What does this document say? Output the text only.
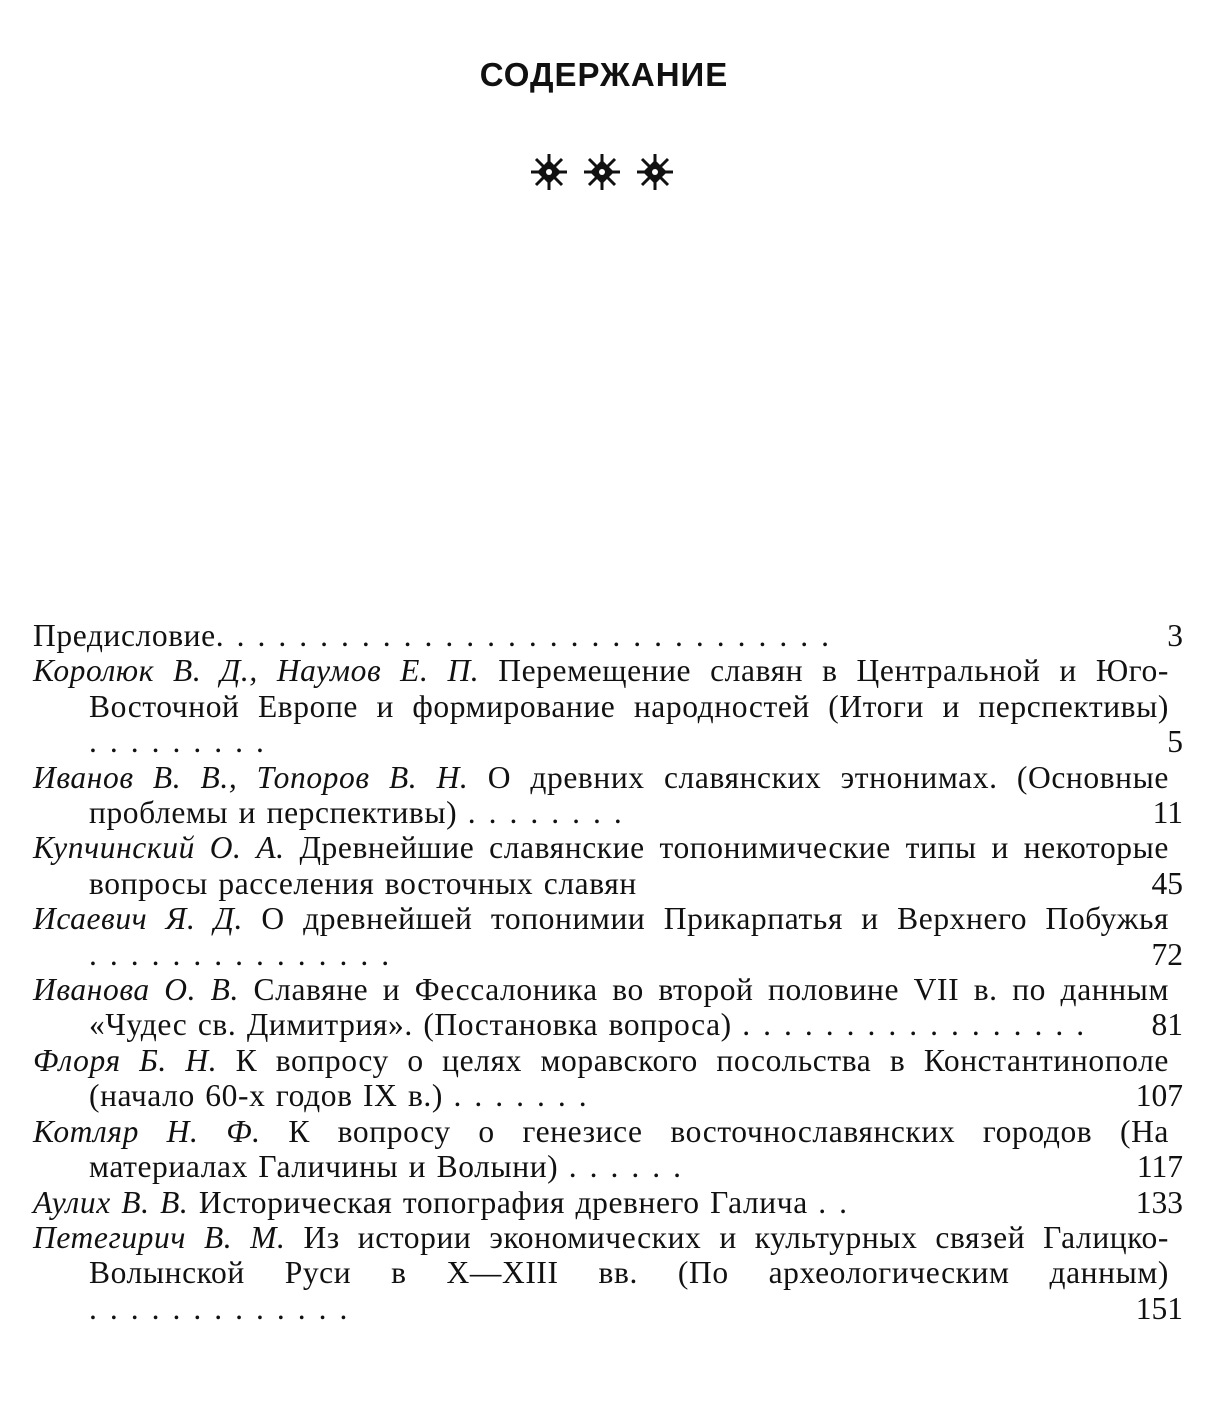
СОДЕРЖАНИЕ
Предисловие..............................	3
Королюк В. Д., Наумов Е. П. Перемещение славян в Центральной и Юго-Восточной Европе и формирование народностей (Итоги и перспективы) .........	5
Иванов В. В., Топоров В. Н. О древних славянских этнонимах. (Основные проблемы и перспективы) ........	11
Купчинский О. А. Древнейшие славянские топонимические типы и некоторые вопросы расселения восточных славян	45
Исаевич Я. Д. О древнейшей топонимии Прикарпатья и Верхнего Побужья ...............	72
Иванова О. В. Славяне и Фессалоника во второй половине VII в. по данным «Чудес св. Димитрия». (Постановка вопроса) .................	81
Флоря Б. Н. К вопросу о целях моравского посольства в Константинополе (начало 60-х годов IX в.) .......	107
Котляр Н. Ф. К вопросу о генезисе восточнославянских городов (На материалах Галичины и Волыни) ......	117
Аулих В. В. Историческая топография древнего Галича ..	133
Петегирич В. М. Из истории экономических и культурных связей Галицко-Волынской Руси в X—XIII вв. (По археологическим данным) .............	151
